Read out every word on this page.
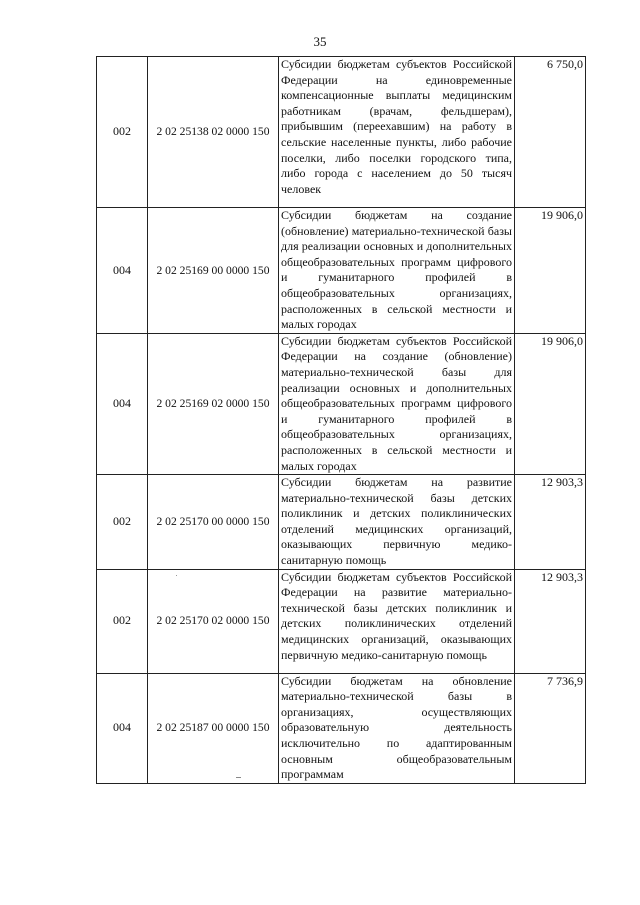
35
002	2 02 25138 02 0000 150	Субсидии бюджетам субъектов Российской Федерации на единовременные компенсационные выплаты медицинским работникам (врачам, фельдшерам), прибывшим (переехавшим) на работу в сельские населенные пункты, либо рабочие поселки, либо поселки городского типа, либо города с населением до 50 тысяч человек	6 750,0
004	2 02 25169 00 0000 150	Субсидии бюджетам на создание (обновление) материально-технической базы для реализации основных и дополнительных общеобразовательных программ цифрового и гуманитарного профилей в общеобразовательных организациях, расположенных в сельской местности и малых городах	19 906,0
004	2 02 25169 02 0000 150	Субсидии бюджетам субъектов Российской Федерации на создание (обновление) материально-технической базы для реализации основных и дополнительных общеобразовательных программ цифрового и гуманитарного профилей в общеобразовательных организациях, расположенных в сельской местности и малых городах	19 906,0
002	2 02 25170 00 0000 150	Субсидии бюджетам на развитие материально-технической базы детских поликлиник и детских поликлинических отделений медицинских организаций, оказывающих первичную медико-санитарную помощь	12 903,3
002	2 02 25170 02 0000 150	Субсидии бюджетам субъектов Российской Федерации на развитие материально-технической базы детских поликлиник и детских поликлинических отделений медицинских организаций, оказывающих первичную медико-санитарную помощь	12 903,3
004	2 02 25187 00 0000 150	Субсидии бюджетам на обновление материально-технической базы в организациях, осуществляющих образовательную деятельность исключительно по адаптированным основным общеобразовательным программам	7 736,9
